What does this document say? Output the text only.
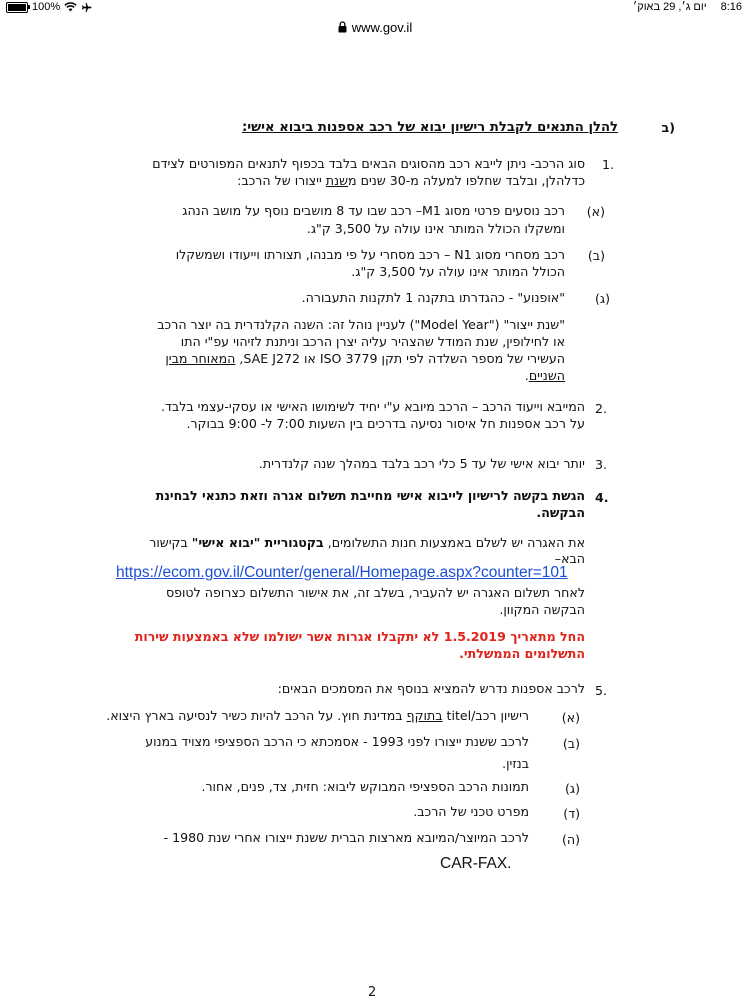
100%	8:16
יום ג׳, 29 באוק׳
www.gov.il
ב)
להלן התנאים לקבלת רישיון יבוא של רכב אספנות ביבוא אישי:
1.
סוג הרכב- ניתן לייבא רכב מהסוגים הבאים בלבד בכפוף לתנאים המפורטים לצידם
כדלהלן, ובלבד שחלפו למעלה מ-30 שנים משנת ייצורו של הרכב:
(א)
רכב נוסעים פרטי מסוג M1– רכב שבו עד 8 מושבים נוסף על מושב הנהג
ומשקלו הכולל המותר אינו עולה על 3,500 ק"ג.
(ב)
רכב מסחרי מסוג N1 – רכב מסחרי על פי מבנהו, תצורתו וייעודו ושמשקלו
הכולל המותר אינו עולה על 3,500 ק"ג.
(ג)
"אופנוע" - כהגדרתו בתקנה 1 לתקנות התעבורה.
"שנת ייצור" ("Model Year") לעניין נוהל זה: השנה הקלנדרית בה יוצר הרכב
או לחילופין, שנת המודל שהצהיר עליה יצרן הרכב וניתנת לזיהוי עפ"י התו
העשירי של מספר השלדה לפי תקן ISO 3779 או SAE J272, המאוחר מבין
השניים.
2.
המייבא וייעוד הרכב – הרכב מיובא ע"י יחיד לשימושו האישי או עסקי-עצמי בלבד.
על רכב אספנות חל איסור נסיעה בדרכים בין השעות 7:00 ל- 9:00 בבוקר.
3.
יותר יבוא אישי של עד 5 כלי רכב בלבד במהלך שנה קלנדרית.
4.
הגשת בקשה לרישיון לייבוא אישי מחייבת תשלום אגרה וזאת כתנאי לבחינת
הבקשה.
את האגרה יש לשלם באמצעות חנות התשלומים, בקטגוריית "יבוא אישי" בקישור
הבא–
https://ecom.gov.il/Counter/general/Homepage.aspx?counter=101
לאחר תשלום האגרה יש להעביר, בשלב זה, את אישור התשלום כצרופה לטופס
הבקשה המקוון.
החל מתאריך 1.5.2019 לא יתקבלו אגרות אשר ישולמו שלא באמצעות שירות
התשלומים הממשלתי.
5.
לרכב אספנות נדרש להמציא בנוסף את המסמכים הבאים:
(א)
רישיון רכב/titel בתוקף במדינת חוץ. על הרכב להיות כשיר לנסיעה בארץ היצוא.
(ב)
לרכב ששנת ייצורו לפני 1993 - אסמכתא כי הרכב הספציפי מצויד במנוע
בנזין.
(ג)
תמונות הרכב הספציפי המבוקש ליבוא: חזית, צד, פנים, אחור.
(ד)
מפרט טכני של הרכב.
(ה)
לרכב המיוצר/המיובא מארצות הברית ששנת ייצורו אחרי שנת 1980 -
CAR-FAX.
2
